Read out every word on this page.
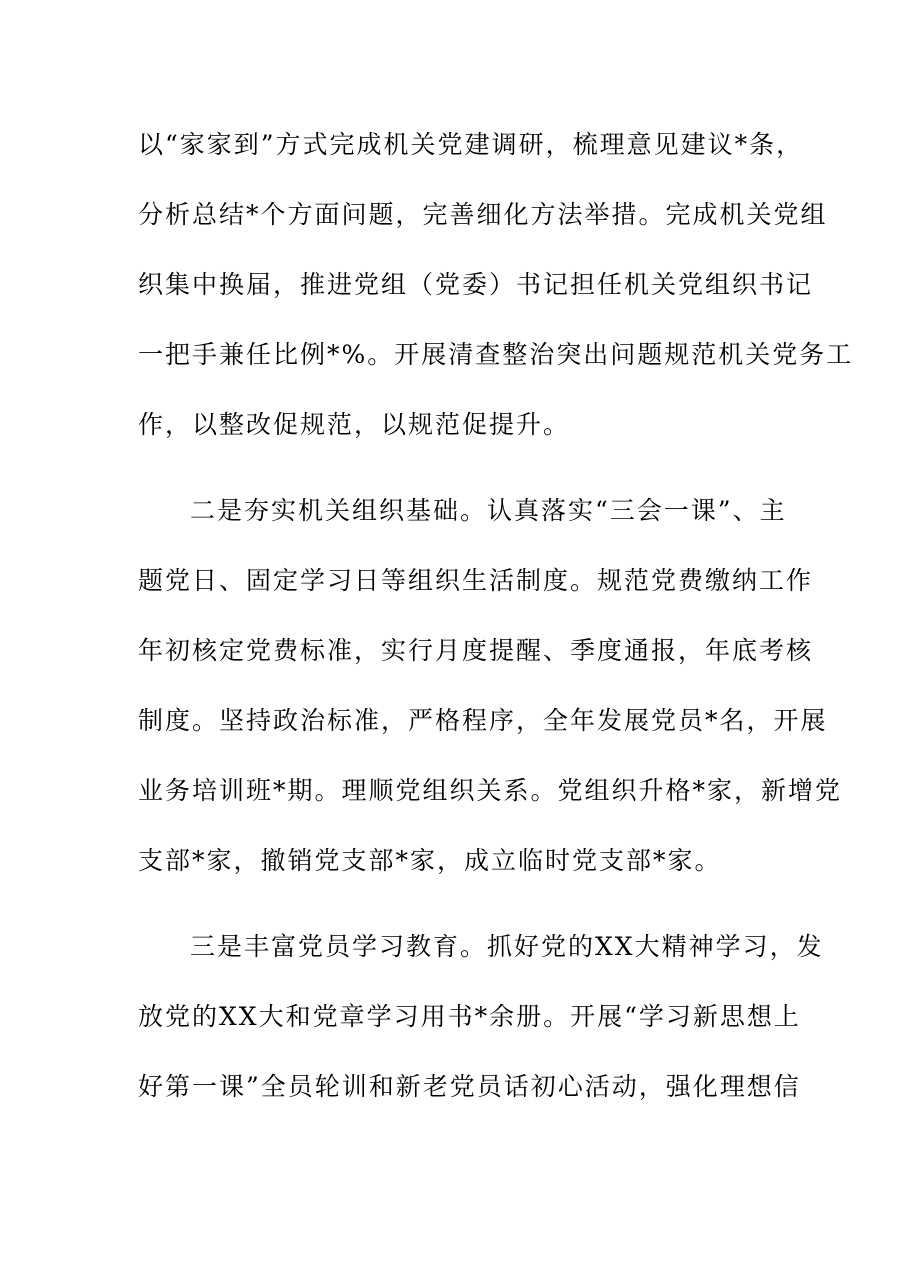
以“家家到”方式完成机关党建调研，梳理意见建议*条，
分析总结*个方面问题，完善细化方法举措。完成机关党组
织集中换届，推进党组（党委）书记担任机关党组织书记
一把手兼任比例*%。开展清查整治突出问题规范机关党务工
作，以整改促规范，以规范促提升。
二是夯实机关组织基础。认真落实“三会一课”、主
题党日、固定学习日等组织生活制度。规范党费缴纳工作
年初核定党费标准，实行月度提醒、季度通报，年底考核
制度。坚持政治标准，严格程序，全年发展党员*名，开展
业务培训班*期。理顺党组织关系。党组织升格*家，新增党
支部*家，撤销党支部*家，成立临时党支部*家。
三是丰富党员学习教育。抓好党的XX大精神学习，发
放党的XX大和党章学习用书*余册。开展“学习新思想上
好第一课”全员轮训和新老党员话初心活动，强化理想信
